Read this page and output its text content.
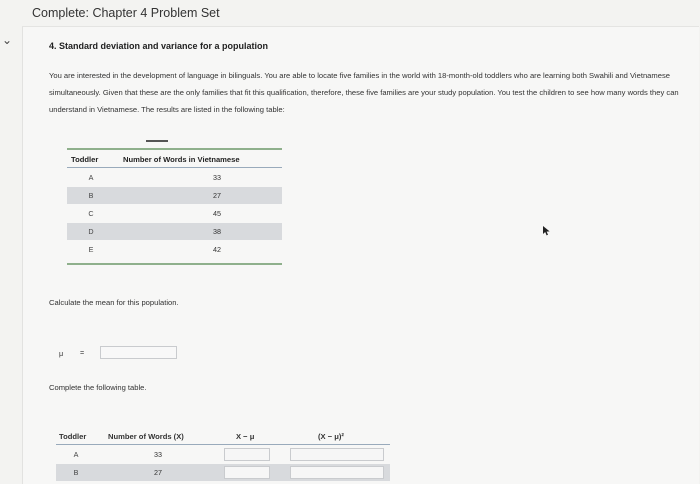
Complete: Chapter 4 Problem Set
⌄	4. Standard deviation and variance for a population
You are interested in the development of language in bilinguals. You are able to locate five families in the world with 18-month-old toddlers who are learning both Swahili and Vietnamese simultaneously. Given that these are the only families that fit this qualification, therefore, these five families are your study population. You test the children to see how many words they can understand in Vietnamese. The results are listed in the following table:
Toddler	Number of Words in Vietnamese
A	33
B	27
C	45
D	38
E	42
Calculate the mean for this population.
μ =
Complete the following table.
Toddler	Number of Words (X)	X − μ	(X − μ)²
A	33
B	27
